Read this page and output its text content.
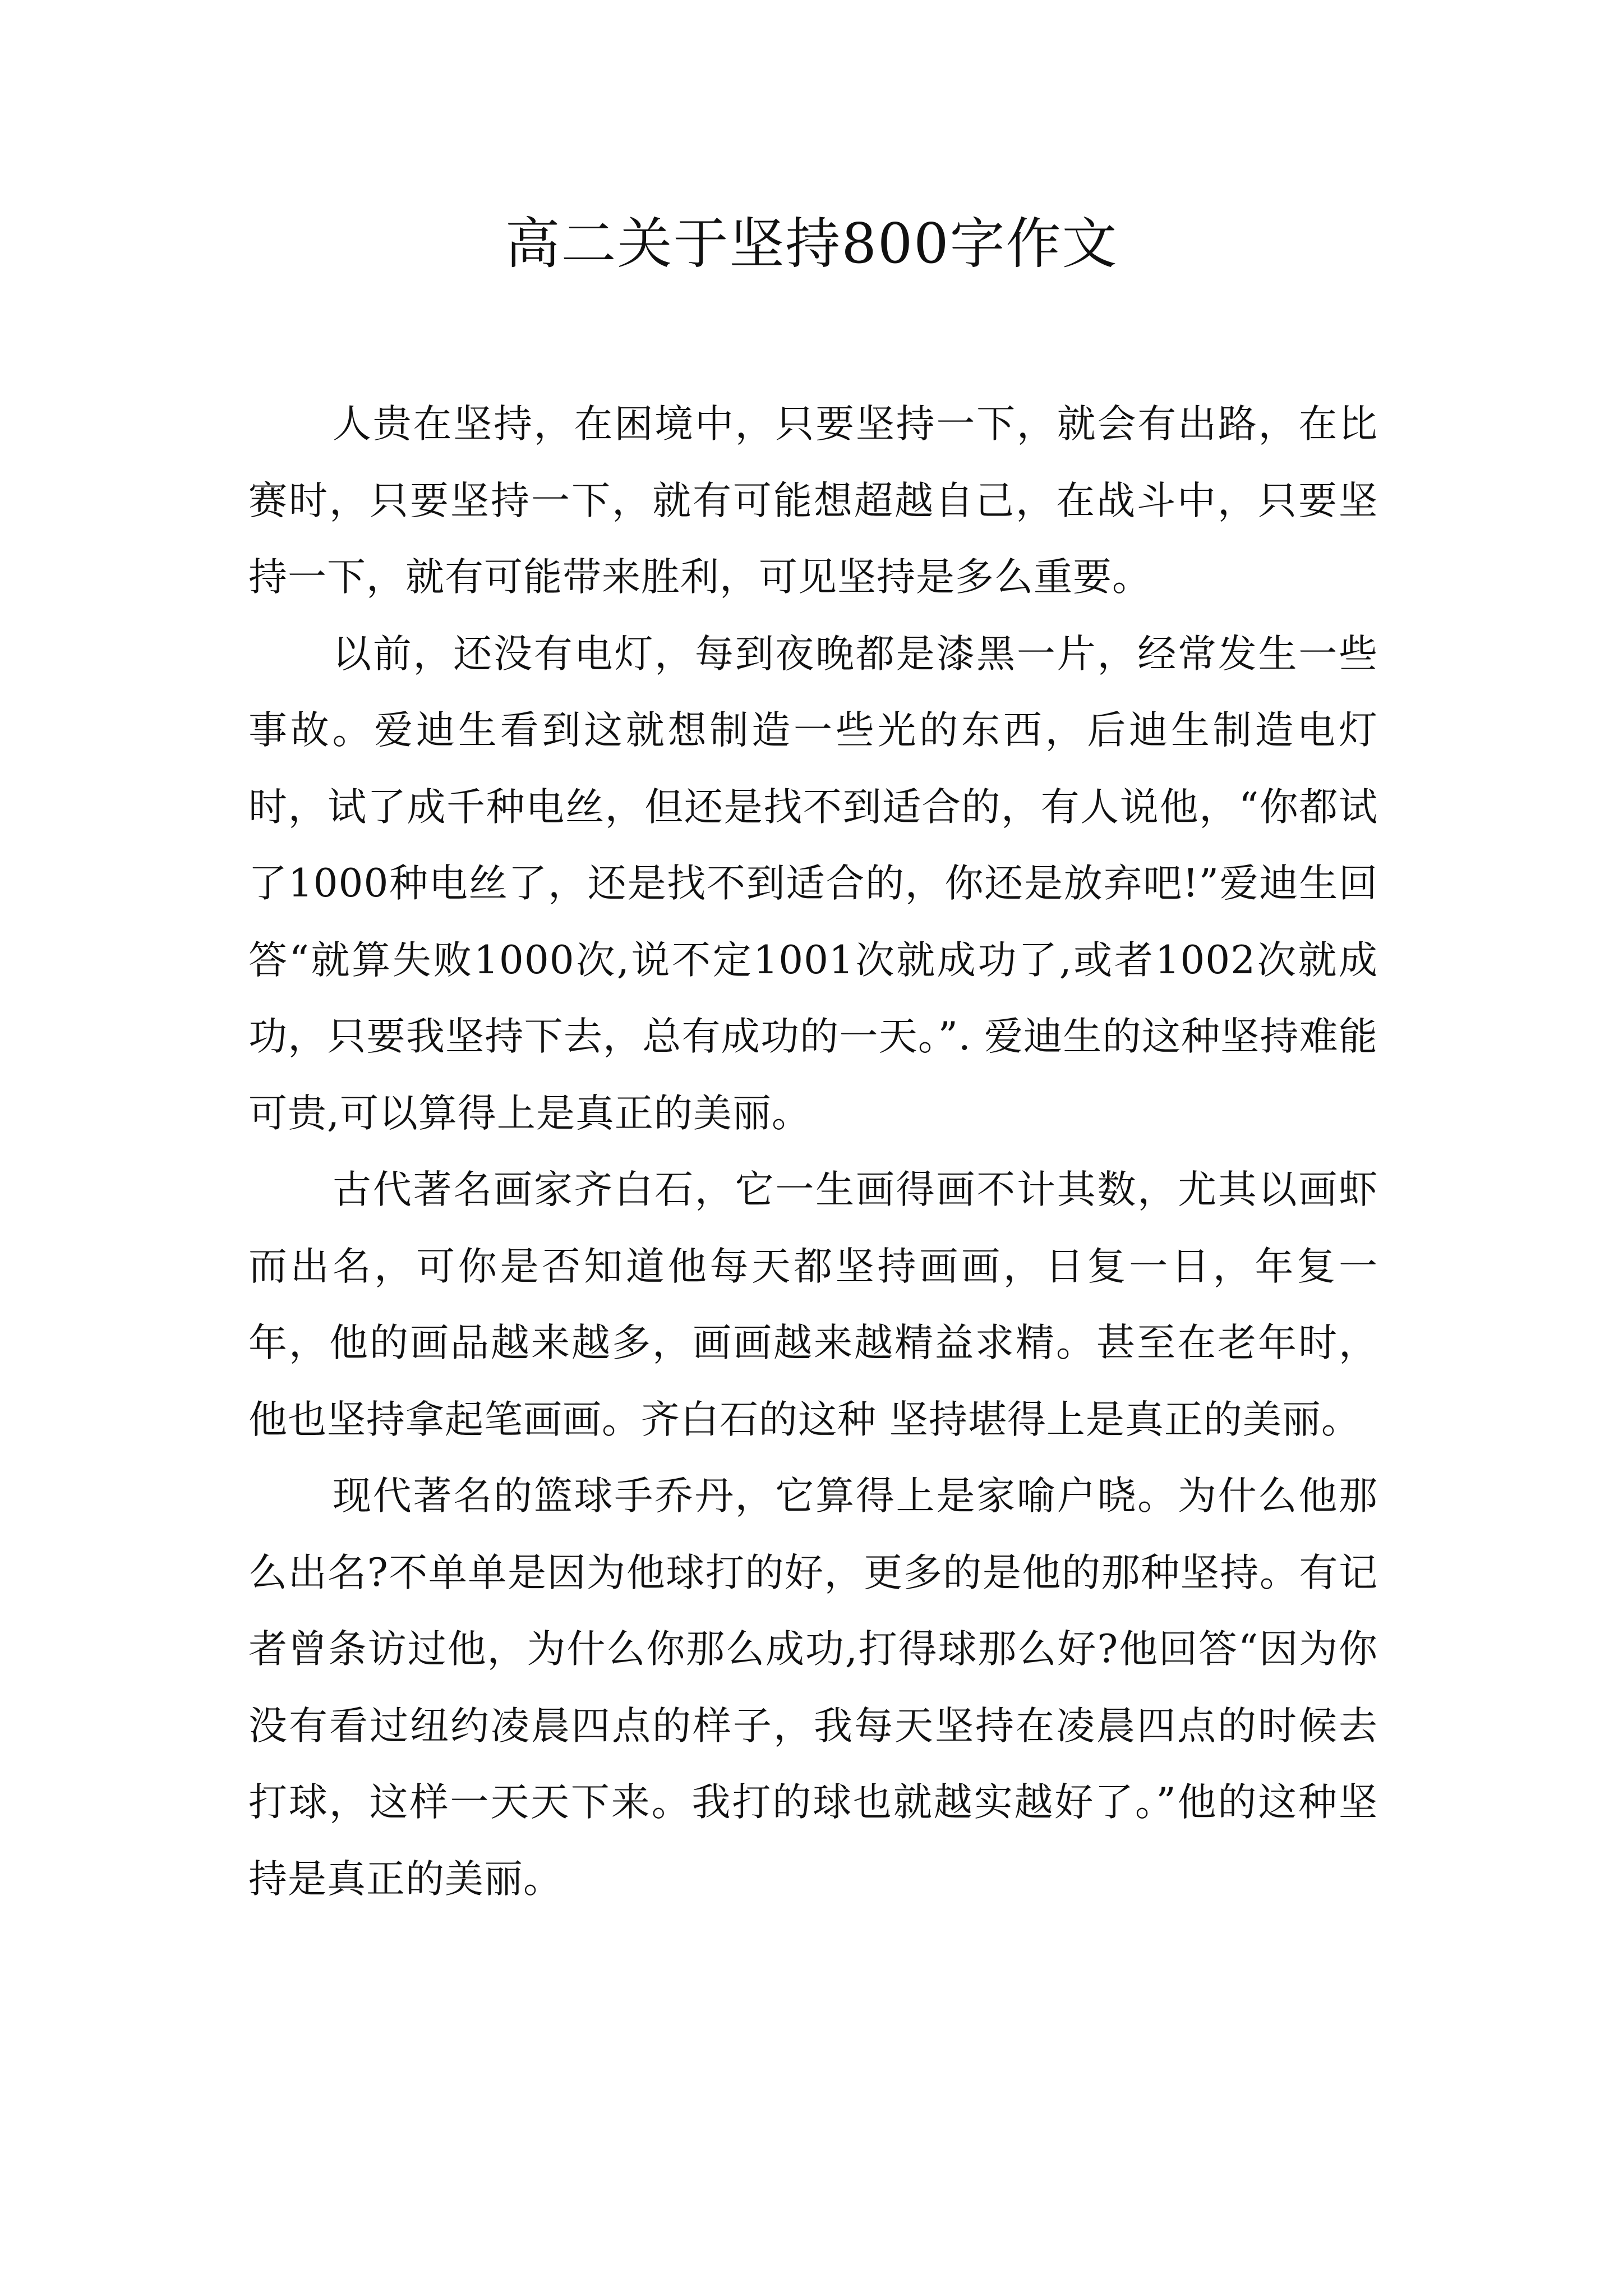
高二关于坚持800字作文

人贵在坚持，在困境中，只要坚持一下，就会有出路，在比赛时，只要坚持一下，就有可能想超越自己，在战斗中，只要坚持一下，就有可能带来胜利，可见坚持是多么重要。

以前，还没有电灯，每到夜晚都是漆黑一片，经常发生一些事故。爱迪生看到这就想制造一些光的东西，后迪生制造电灯时，试了成千种电丝，但还是找不到适合的，有人说他，“你都试了1000种电丝了，还是找不到适合的，你还是放弃吧!”爱迪生回答“就算失败1000次,说不定1001次就成功了,或者1002次就成功，只要我坚持下去，总有成功的一天。”. 爱迪生的这种坚持难能可贵,可以算得上是真正的美丽。

古代著名画家齐白石，它一生画得画不计其数，尤其以画虾而出名，可你是否知道他每天都坚持画画，日复一日，年复一年，他的画品越来越多，画画越来越精益求精。甚至在老年时，他也坚持拿起笔画画。齐白石的这种 坚持堪得上是真正的美丽。

现代著名的篮球手乔丹，它算得上是家喻户晓。为什么他那么出名?不单单是因为他球打的好，更多的是他的那种坚持。有记者曾条访过他，为什么你那么成功,打得球那么好?他回答“因为你没有看过纽约凌晨四点的样子，我每天坚持在凌晨四点的时候去打球，这样一天天下来。我打的球也就越实越好了。”他的这种坚持是真正的美丽。
